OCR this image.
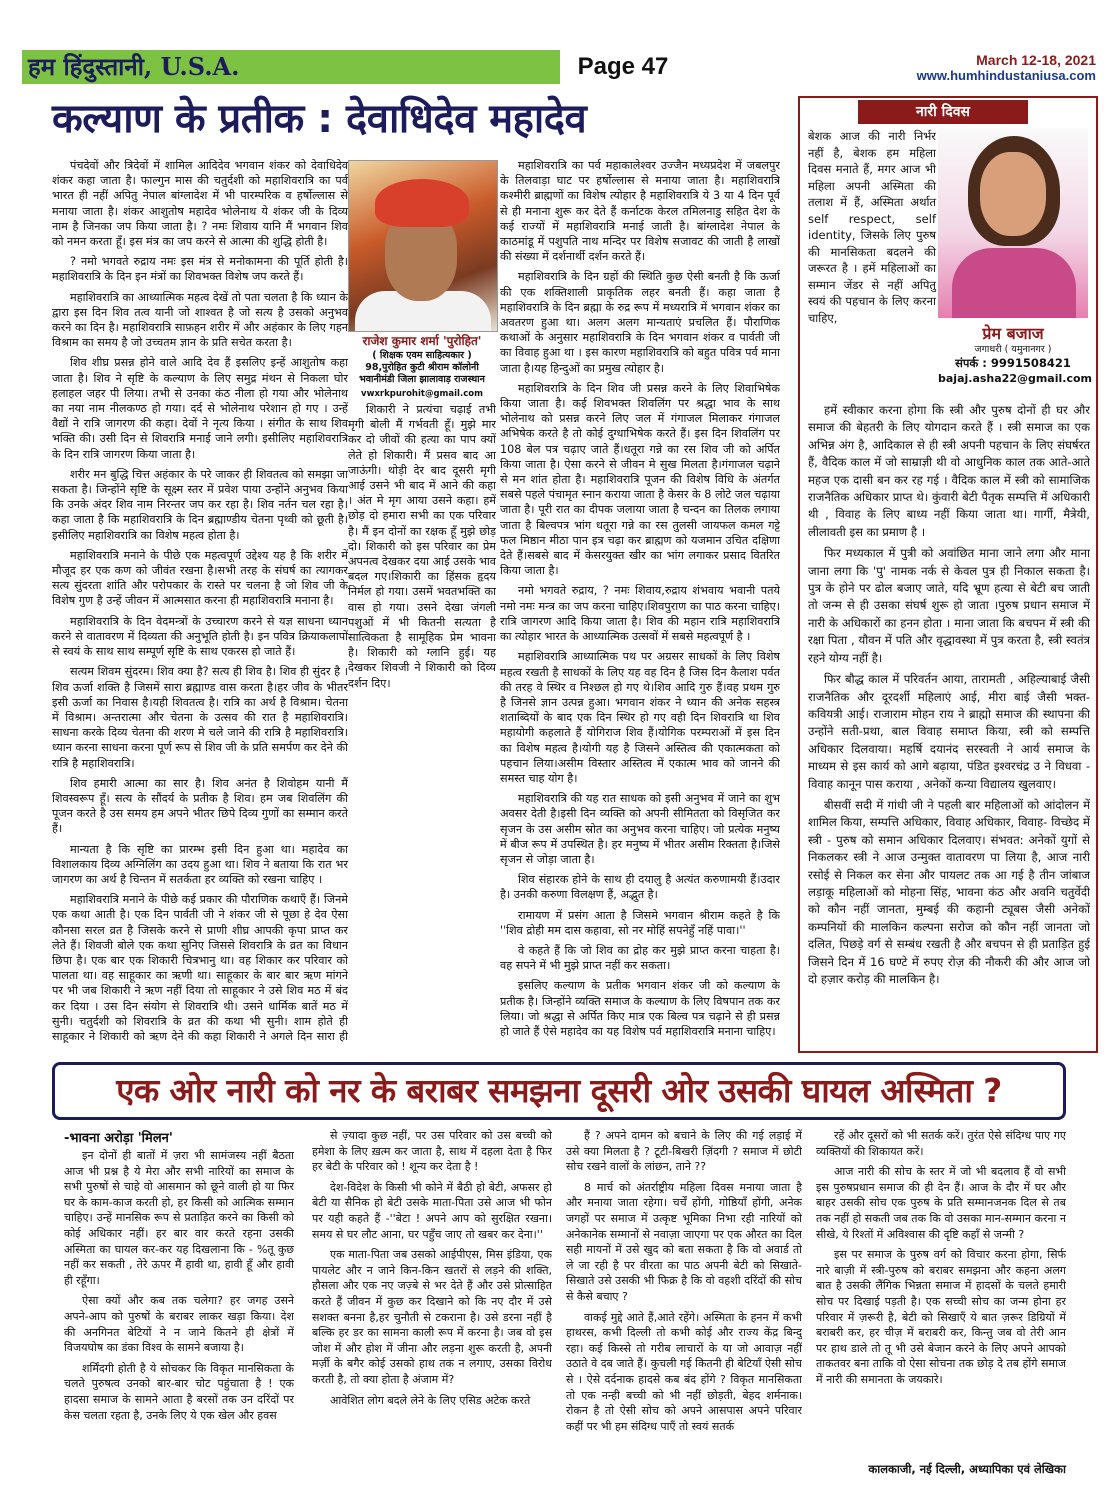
हम हिंदुस्तानी, U.S.A.	Page 47	March 12-18, 2021
www.humhindustaniusa.com
कल्याण के प्रतीक : देवाधिदेव महादेव

पंचदेवों और त्रिदेवों में शामिल आदिदेव भगवान शंकर को देवाधिदेव शंकर कहा जाता है। फाल्गुन मास की चतुर्दशी को महाशिवरात्रि का पर्व भारत ही नहीं अपितु नेपाल बांग्लादेश में भी पारम्परिक व हर्षोल्लास से मनाया जाता है। शंकर आशुतोष महादेव भोलेनाथ ये शंकर जी के दिव्य नाम है जिनका जप किया जाता है। ? नमः शिवाय यानि मैं भगवान शिव को नमन करता हूँ। इस मंत्र का जप करने से आत्मा की शुद्धि होती है।

? नमो भगवते रुद्राय नमः इस मंत्र से मनोकामना की पूर्ति होती है। महाशिवरात्रि के दिन इन मंत्रों का शिवभक्त विशेष जप करते हैं।

महाशिवरात्रि का आध्यात्मिक महत्व देखें तो पता चलता है कि ध्यान के द्वारा इस दिन शिव तत्व यानी जो शाश्वत है जो सत्य है उसको अनुभव करने का दिन है। महाशिवरात्रि साफ़हन शरीर में और अहंकार के लिए गहन विश्राम का समय है जो उच्चतम ज्ञान के प्रति सचेत करता है।

शिव शीघ्र प्रसन्न होने वाले आदि देव हैं इसलिए इन्हें आशुतोष कहा जाता है। शिव ने सृष्टि के कल्याण के लिए समुद्र मंथन से निकला घोर हलाहल जहर पी लिया। तभी से उनका कंठ नीला हो गया और भोलेनाथ का नया नाम नीलकण्ठ हो गया। दर्द से भोलेनाथ परेशान हो गए । उन्हें वैद्यों ने रात्रि जागरण की कहा। देवों ने नृत्य किया । संगीत के साथ शिव भक्ति की। उसी दिन से शिवरात्रि मनाई जाने लगी। इसीलिए महाशिवरात्रि के दिन रात्रि जागरण किया जाता है।

शरीर मन बुद्धि चित्त अहंकार के परे जाकर ही शिवतत्व को समझा जा सकता है। जिन्होंने सृष्टि के सूक्ष्म स्तर में प्रवेश पाया उन्होंने अनुभव किया कि उनके अंदर शिव नाम निरन्तर जप कर रहा है। शिव नर्तन चल रहा है। कहा जाता है कि महाशिवरात्रि के दिन ब्रह्माण्डीय चेतना पृथ्वी को छूती है। इसीलिए महाशिवरात्रि का विशेष महत्व होता है।

महाशिवरात्रि मनाने के पीछे एक महत्वपूर्ण उद्देश्य यह है कि शरीर में मौजूद हर एक कण को जीवंत रखना है।सभी तरह के संघर्ष का त्यागकर सत्य सुंदरता शांति और परोपकार के रास्ते पर चलना है जो शिव जी के विशेष गुण है उन्हें जीवन में आत्मसात करना ही महाशिवरात्रि मनाना है।

महाशिवरात्रि के दिन वेदमन्त्रों के उच्चारण करने से यज्ञ साधना ध्यान करने से वातावरण में दिव्यता की अनुभूति होती है। इन पवित्र क्रियाकलापों से स्वयं के साथ साथ सम्पूर्ण सृष्टि के साथ एकरस हो जाते हैं।

सत्यम शिवम सुंदरम। शिव क्या है? सत्य ही शिव है। शिव ही सुंदर है । शिव ऊर्जा शक्ति है जिसमें सारा ब्रह्माण्ड वास करता है।हर जीव के भीतर इसी ऊर्जा का निवास है।यही शिवतत्व है। रात्रि का अर्थ है विश्राम। चेतना में विश्राम। अन्तरात्मा और चेतना के उत्सव की रात है महाशिवरात्रि। साधना करके दिव्य चेतना की शरण मे चले जाने की रात्रि है महाशिवरात्रि।ध्यान करना साधना करना पूर्ण रूप से शिव जी के प्रति समर्पण कर देने की रात्रि है महाशिवरात्रि।

शिव हमारी आत्मा का सार है। शिव अनंत है शिवोहम यानी मैं शिवस्वरूप हूँ। सत्य के सौंदर्य के प्रतीक है शिव। हम जब शिवलिंग की पूजन करते है उस समय हम अपने भीतर छिपे दिव्य गुणों का सम्मान करते हैं।

मान्यता है कि सृष्टि का प्रारम्भ इसी दिन हुआ था। महादेव का विशालकाय दिव्य अग्निलिंग का उदय हुआ था। शिव ने बताया कि रात भर जागरण का अर्थ है चिन्तन में सतर्कता हर व्यक्ति को रखना चाहिए ।

महाशिवरात्रि मनाने के पीछे कई प्रकार की पौराणिक कथाएँ हैं। जिनमे एक कथा आती है। एक दिन पार्वती जी ने शंकर जी से पूछा हे देव ऐसा कौनसा सरल व्रत है जिसके करने से प्राणी शीघ्र आपकी कृपा प्राप्त कर लेते हैं। शिवजी बोले एक कथा सुनिए जिससे शिवरात्रि के व्रत का विधान छिपा है। एक बार एक शिकारी चित्रभानु था। वह शिकार कर परिवार को पालता था। वह साहूकार का ऋणी था। साहूकार के बार बार ऋण मांगने पर भी जब शिकारी ने ऋण नहीं दिया तो साहूकार ने उसे शिव मठ में बंद कर दिया । उस दिन संयोग से शिवरात्रि थी। उसने धार्मिक बातें मठ में सुनी। चतुर्दशी को शिवरात्रि के व्रत की कथा भी सुनी। शाम होते ही साहूकार ने शिकारी को ऋण देने की कहा शिकारी ने अगले दिन सारा ही

राजेश कुमार शर्मा 'पुरोहित'
( शिक्षक एवम साहित्यकार )
98,पुरोहित कुटी श्रीराम कॉलोनी
भवानीमंडी जिला झालावाड़ राजस्थान
vwxrkpurohit@gmail.com

शिकारी ने प्रत्यंचा चढ़ाई तभी मृगी बोली मैं गर्भवती हूँ। मुझे मार कर दो जीवों की हत्या का पाप क्यों लेते हो शिकारी। मैं प्रसव बाद आ जाऊंगी। थोड़ी देर बाद दूसरी मृगी आई उसने भी बाद में आने की कहा । अंत मे मृग आया उसने कहा। हमें छोड़ दो हमारा सभी का एक परिवार है। मैं इन दोनों का रक्षक हूँ मुझे छोड़ दो। शिकारी को इस परिवार का प्रेम अपनत्व देखकर दया आई उसके भाव बदल गए।शिकारी का हिंसक हृदय निर्मल हो गया। उसमें भवतभक्ति का वास हो गया। उसने देखा जंगली पशुओं में भी कितनी सत्यता है सात्विकता है सामूहिक प्रेम भावना है। शिकारी को ग्लानि हुई। यह देखकर शिवजी ने शिकारी को दिव्य दर्शन दिए।

महाशिवरात्रि का पर्व महाकालेश्वर उज्जैन मध्यप्रदेश में जबलपुर के तिलवाड़ा घाट पर हर्षोल्लास से मनाया जाता है। महाशिवरात्रि कश्मीरी ब्राह्मणों का विशेष त्योहार है महाशिवरात्रि ये 3 या 4 दिन पूर्व से ही मनाना शुरू कर देते हैं कर्नाटक केरल तमिलनाडु सहित देश के कई राज्यों में महाशिवरात्रि मनाई जाती है। बांग्लादेश नेपाल के काठमांडू में पशुपति नाथ मन्दिर पर विशेष सजावट की जाती है लाखों की संख्या में दर्शनार्थी दर्शन करते हैं।

महाशिवरात्रि के दिन ग्रहों की स्थिति कुछ ऐसी बनती है कि ऊर्जा की एक शक्तिशाली प्राकृतिक लहर बनती हैं। कहा जाता है महाशिवरात्रि के दिन ब्रह्मा के रुद्र रूप में मध्यरात्रि में भगवान शंकर का अवतरण हुआ था। अलग अलग मान्यताएं प्रचलित हैं। पौराणिक कथाओं के अनुसार महाशिवरात्रि के दिन भगवान शंकर व पार्वती जी का विवाह हुआ था । इस कारण महाशिवरात्रि को बहुत पवित्र पर्व माना जाता है।यह हिन्दुओं का प्रमुख त्योहार है।

महाशिवरात्रि के दिन शिव जी प्रसन्न करने के लिए शिवाभिषेक किया जाता है। कई शिवभक्त शिवलिंग पर श्रद्धा भाव के साथ भोलेनाथ को प्रसन्न करने लिए जल में गंगाजल मिलाकर गंगाजल अभिषेक करते है तो कोई दुग्धाभिषेक करते हैं। इस दिन शिवलिंग पर 108 बेल पत्र चढ़ाए जाते हैं।धतूरा गन्ने का रस शिव जी को अर्पित किया जाता है। ऐसा करने से जीवन मे सुख मिलता है।गंगाजल चढ़ाने से मन शांत होता है। महाशिवरात्रि पूजन की विशेष विधि के अंतर्गत सबसे पहले पंचामृत स्नान कराया जाता है केसर के 8 लोटे जल चढ़ाया जाता है। पूरी रात का दीपक जलाया जाता है चन्दन का तिलक लगाया जाता है बिल्वपत्र भांग धतूरा गन्ने का रस तुलसी जायफल कमल गट्टे फल मिष्ठान मीठा पान इत्र चढ़ा कर ब्राह्मण को यजमान उचित दक्षिणा देते हैं।सबसे बाद में केसरयुक्त खीर का भांग लगाकर प्रसाद वितरित किया जाता है।

नमो भगवते रुद्राय, ? नमः शिवाय,रुद्राय शंभवाय भवानी पतये नमो नमः मन्त्र का जप करना चाहिए।शिवपुराण का पाठ करना चाहिए। रात्रि जागरण आदि किया जाता है। शिव की महान रात्रि महाशिवरात्रि का त्योहार भारत के आध्यात्मिक उत्सवों में सबसे महत्वपूर्ण है ।

महाशिवरात्रि आध्यात्मिक पथ पर अग्रसर साधकों के लिए विशेष महत्व रखती है साधकों के लिए यह वह दिन है जिस दिन कैलाश पर्वत की तरह वे स्थिर व निश्छल हो गए थे।शिव आदि गुरु हैं।वह प्रथम गुरु है जिनसे ज्ञान उत्पन्न हुआ। भगवान शंकर ने ध्यान की अनेक सहस्त्र शताब्दियों के बाद एक दिन स्थिर हो गए वही दिन शिवरात्रि था शिव महायोगी कहलाते हैं योगिराज शिव हैं।योगिक परम्पराओं में इस दिन का विशेष महत्व है।योगी यह है जिसने अस्तित्व की एकात्मकता को पहचान लिया।असीम विस्तार अस्तित्व में एकात्म भाव को जानने की समस्त चाह योग है।

महाशिवरात्रि की यह रात साधक को इसी अनुभव में जाने का शुभ अवसर देती है।इसी दिन व्यक्ति को अपनी सीमितता को विसृजित कर सृजन के उस असीम स्रोत का अनुभव करना चाहिए। जो प्रत्येक मनुष्य में बीज रूप में उपस्थित है। हर मनुष्य में भीतर असीम रिक्तता है।जिसे सृजन से जोड़ा जाता है।

शिव संहारक होने के साथ ही दयालु है अत्यंत करुणामयी हैं।उदार है। उनकी करुणा विलक्षण हैं, अद्भुत है।

रामायण में प्रसंग आता है जिसमे भगवान श्रीराम कहते है कि ''शिव द्रोही मम दास कहावा, सो नर मोहिं सपनेहुँ नहिं पावा।''

वे कहते हैं कि जो शिव का द्रोह कर मुझे प्राप्त करना चाहता है। वह सपने में भी मुझे प्राप्त नहीं कर सकता।

इसलिए कल्याण के प्रतीक भगवान शंकर जी को कल्याण के प्रतीक है। जिन्होंने व्यक्ति समाज के कल्याण के लिए विषपान तक कर लिया। जो श्रद्धा से अर्पित किए मात्र एक बिल्व पत्र चढ़ाने से ही प्रसन्न हो जाते हैं ऐसे महादेव का यह विशेष पर्व महाशिवरात्रि मनाना चाहिए।

नारी दिवस
बेशक आज की नारी निर्भर नहीं है, बेशक हम महिला दिवस मनाते हैं, मगर आज भी महिला अपनी अस्मिता की तलाश में हैं, अस्मिता अर्थात self respect, self identity, जिसके लिए पुरुष की मानसिकता बदलने की जरूरत है । हमें महिलाओं का सम्मान जेंडर से नहीं अपितु स्वयं की पहचान के लिए करना चाहिए,
प्रेम बजाज
जगाधरी ( यमुनानगर )
संपर्क : 9991508421
bajaj.asha22@gmail.com

हमें स्वीकार करना होगा कि स्त्री और पुरुष दोनों ही घर और समाज की बेहतरी के लिए योगदान करते हैं । स्त्री समाज का एक अभिन्न अंग है, आदिकाल से ही स्त्री अपनी पहचान के लिए संघर्षरत हैं, वैदिक काल में जो साम्राज्ञी थी वो आधुनिक काल तक आते-आते महज एक दासी बन कर रह गई । वैदिक काल में स्त्री को सामाजिक राजनैतिक अधिकार प्राप्त थे। कुंवारी बेटी पैतृक सम्पत्ति में अधिकारी थी , विवाह के लिए बाध्य नहीं किया जाता था। गार्गी, मैत्रेयी, लीलावती इस का प्रमाण है ।

फिर मध्यकाल में पुत्री को अवांछित माना जाने लगा और माना जाना लगा कि 'पु' नामक नर्क से केवल पुत्र ही निकाल सकता है। पुत्र के होने पर ढोल बजाए जाते, यदि भ्रूण हत्या से बेटी बच जाती तो जन्म से ही उसका संघर्ष शुरू हो जाता ।पुरुष प्रधान समाज में नारी के अधिकारों का हनन होता । माना जाता कि बचपन में स्त्री की रक्षा पिता , यौवन में पति और वृद्धावस्था में पुत्र करता है, स्त्री स्वतंत्र रहने योग्य नहीं है।

फिर बौद्ध काल में परिवर्तन आया, तारामती , अहिल्याबाई जैसी राजनैतिक और दूरदर्शी महिलाएं आई, मीरा बाई जैसी भक्त- कवियत्री आई। राजाराम मोहन राय ने ब्राह्मो समाज की स्थापना की उन्होंने सती-प्रथा, बाल विवाह समाप्त किया, स्त्री को सम्पत्ति अधिकार दिलवाया। महर्षि दयानंद सरस्वती ने आर्य समाज के माध्यम से इस कार्य को आगे बढ़ाया, पंडित इश्वरचंद्र उ ने विधवा - विवाह कानून पास कराया , अनेकों कन्या विद्यालय खुलवाए।

बीसवीं सदी में गांधी जी ने पहली बार महिलाओं को आंदोलन में शामिल किया, सम्पत्ति अधिकार, विवाह अधिकार, विवाह- विच्छेद में स्त्री - पुरुष को समान अधिकार दिलवाए। संभवत: अनेकों युगों से निकलकर स्त्री ने आज उन्मुक्त वातावरण पा लिया है, आज नारी रसोई से निकल कर सेना और पायलट तक आ गई है तीन जांबाज लड़ाकू महिलाओं को मोहना सिंह, भावना कंठ और अवनि चतुर्वेदी को कौन नहीं जानता, मुम्बई की कहानी ट्यूबस जैसी अनेकों कम्पनियों की मालकिन कल्पना सरोज को कौन नहीं जानता जो दलित, पिछड़े वर्ग से सम्बंध रखती है और बचपन से ही प्रताड़ित हुई जिसने दिन में 16 घण्टे में रुपए रोज़ की नौकरी की और आज जो दो हज़ार करोड़ की मालकिन है।

एक ओर नारी को नर के बराबर समझना दूसरी ओर उसकी घायल अस्मिता ?
-भावना अरोड़ा 'मिलन'

इन दोनों ही बातों में ज़रा भी सामंजस्य नहीं बैठता आज भी प्रश्न है ये मेरा और सभी नारियों का समाज के सभी पुरुषों से चाहे वो आसमान को छूने वाली हो या फिर घर के काम-काज करती हो, हर किसी को आत्मिक सम्मान चाहिए। उन्हें मानसिक रूप से प्रताड़ित करने का किसी को कोई अधिकार नहीं। हर बार वार करते रहना उसकी अस्मिता का घायल कर-कर यह दिखलाना कि - %तू कुछ नहीं कर सकती , तेरे ऊपर मैं हावी था, हावी हूँ और हावी ही रहूँगा।

ऐसा क्यों और कब तक चलेगा? हर जगह उसने अपने-आप को पुरुषों के बराबर लाकर खड़ा किया। देश की अनगिनत बेटियों ने न जाने कितने ही क्षेत्रों में विजयघोष का डंका विश्व के सामने बजाया है।

शर्मिंदगी होती है ये सोचकर कि विकृत मानसिकता के चलते पुरुषत्व उनको बार-बार चोट पहुंचाता है ! एक हादसा समाज के सामने आता है बरसों तक उन दरिंदों पर केस चलता रहता है, उनके लिए ये एक खेल और हवस

से ज़्यादा कुछ नहीं, पर उस परिवार को उस बच्ची को हमेशा के लिए ख़त्म कर जाता है, साथ में दहला देता है फिर हर बेटी के परिवार को ! शून्य कर देता है !

देश-विदेश के किसी भी कोने में बैठी हो बेटी, अफसर हो बेटी या सैनिक हो बेटी उसके माता-पिता उसे आज भी फोन पर यही कहते हैं -''बेटा ! अपने आप को सुरक्षित रखना। समय से घर लौट आना, घर पहुँच जाए तो खबर कर देना।''

एक माता-पिता जब उसको आईपीएस, मिस इंडिया, एक पायलेट और न जाने किन-किन खतरों से लड़ने की शक्ति, हौसला और एक नए जज़्बे से भर देते हैं और उसे प्रोत्साहित करते हैं जीवन में कुछ कर दिखाने को कि नए दौर में उसे सशक्त बनना है,हर चुनौती से टकराना है। उसे डरना नहीं है बल्कि हर डर का सामना काली रूप में करना है। जब वो इस जोश में और होश में जीना और लड़ना शुरू करती है, अपनी मर्ज़ी के बगैर कोई उसको हाथ तक न लगाए, उसका विरोध करती है, तो क्या होता है अंजाम में?

आवेशित लोग बदले लेने के लिए एसिड अटेक करते

हैं ? अपने दामन को बचाने के लिए की गई लड़ाई में उसे क्या मिलता है ? टूटी-बिखरी ज़िंदगी ? समाज में छोटी सोच रखने वालों के लांछन, ताने ??

8 मार्च को अंतर्राष्ट्रीय महिला दिवस मनाया जाता है और मनाया जाता रहेगा। चर्चें होंगी, गोष्ठियाँ होंगी, अनेक जगहों पर समाज में उत्कृष्ट भूमिका निभा रही नारियों को अनेकानेक सम्मानों से नवाज़ा जाएगा पर एक औरत का दिल सही मायनों में उसे खुद को बता सकता है कि वो अवार्ड तो ले जा रही है पर वीरता का पाठ अपनी बेटी को सिखाते-सिखाते उसे उसकी भी फिक्र है कि वो वहशी दरिंदों की सोच से कैसे बचाए ?

वाकई मुद्दे आते हैं,आते रहेंगे। अस्मिता के हनन में कभी हाथरस, कभी दिल्ली तो कभी कोई और राज्य केंद्र बिन्दु रहा। कई किस्से तो गरीब लाचारों के या जो आवाज़ नहीं उठाते वे दब जाते हैं। कुचली गई कितनी ही बेटियाँ ऐसी सोच से । ऐसे दर्दनाक हादसे कब बंद होंगे ? विकृत मानसिकता तो एक नन्ही बच्ची को भी नहीं छोड़ती, बेहद शर्मनाक। रोकन है तो ऐसी सोच को अपने आसपास अपने परिवार कहीं पर भी हम संदिग्ध पाएँ तो स्वयं सतर्क

रहें और दूसरों को भी सतर्क करें। तुरंत ऐसे संदिग्ध पाए गए व्यक्तियों की शिकायत करें।

आज नारी की सोच के स्तर में जो भी बदलाव हैं वो सभी इस पुरुषप्रधान समाज की ही देन हैं। आज के दौर में घर और बाहर उसकी सोच एक पुरुष के प्रति सम्मानजनक दिल से तब तक नहीं हो सकती जब तक कि वो उसका मान-सम्मान करना न सीखे, ये रिश्तों में अविश्वास की दृष्टि कहाँ से जन्मी ?

इस पर समाज के पुरुष वर्ग को विचार करना होगा, सिर्फ नारे बाज़ी में स्त्री-पुरुष को बराबर समझना और कहना अलग बात है उसकी लैंगिक भिन्नता समाज में हादसों के चलते हमारी सोच पर दिखाई पड़ती है। एक सच्ची सोच का जन्म होना हर परिवार में ज़रूरी है, बेटी को सिखाएँ ये बात ज़रूर डिग्रियों में बराबरी कर, हर चीज़ में बराबरी कर, किन्तु जब वो तेरी आन पर हाथ डाले तो तू भी उसे बेजान करने के लिए अपने आपको ताकतवर बना ताकि वो ऐसा सोचना तक छोड़ दे तब होंगे समाज में नारी की समानता के जयकारे।

कालकाजी, नई दिल्ली, अध्यापिका एवं लेखिका
